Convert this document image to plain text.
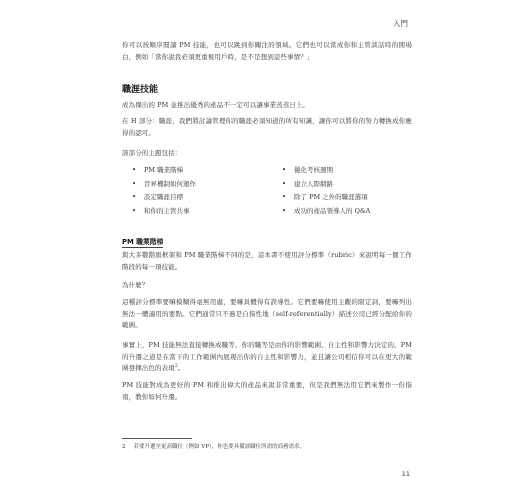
入門

你可以按順序閱讀 PM 技能，也可以跳到你關注的領域。它們也可以當成你和主管談話時的開場白，例如「當你說我必須更重視用戶時，是不是想到這些事情？」

職涯技能

成為傑出的 PM 並推出優秀的產品不一定可以讓事業蒸蒸日上。

在 H 部分：職涯，我們將討論管理你的職涯必須知道的所有知識，讓你可以將你的努力轉換成你應得的認可。

該部分的主題包括：

•	PM 職業階梯	•	優化考核週期
•	晉昇機制如何運作	•	建立人際網路
•	設定職涯目標	•	除了 PM 之外的職涯選項
•	和你的主管共事	•	成功的產品領導人的 Q&A
PM 職業階梯

與大多數階級框架和 PM 職業階梯不同的是，這本書不使用評分標準（rubric）來說明每一個工作階段的每一項技能。

為什麼？

這種評分標準要嘛模糊得毫無用處，要嘛具體得有誤導性。它們要嘛使用主觀的限定詞，要嘛列出無法一體適用的要點。它們通常只不過是自指性地（self-referentially）描述公司已經分配給你的範圍。

事實上，PM 技能無法直接轉換成職等。你的職等是由你的影響範圍、自主性和影響力決定的。PM 的升遷之道是在當下的工作範圍內展現出你的自主性和影響力，並且讓公司相信你可以在更大的範圍發揮出色的表現$^2$。

PM 技能對成為更好的 PM 和推出偉大的產品來說非常重要，但是我們無法用它們來製作一份指南，教你如何升遷。

2 若要升遷至更高職位（例如 VP），你也要具備該職位所需的商務需求。
11
